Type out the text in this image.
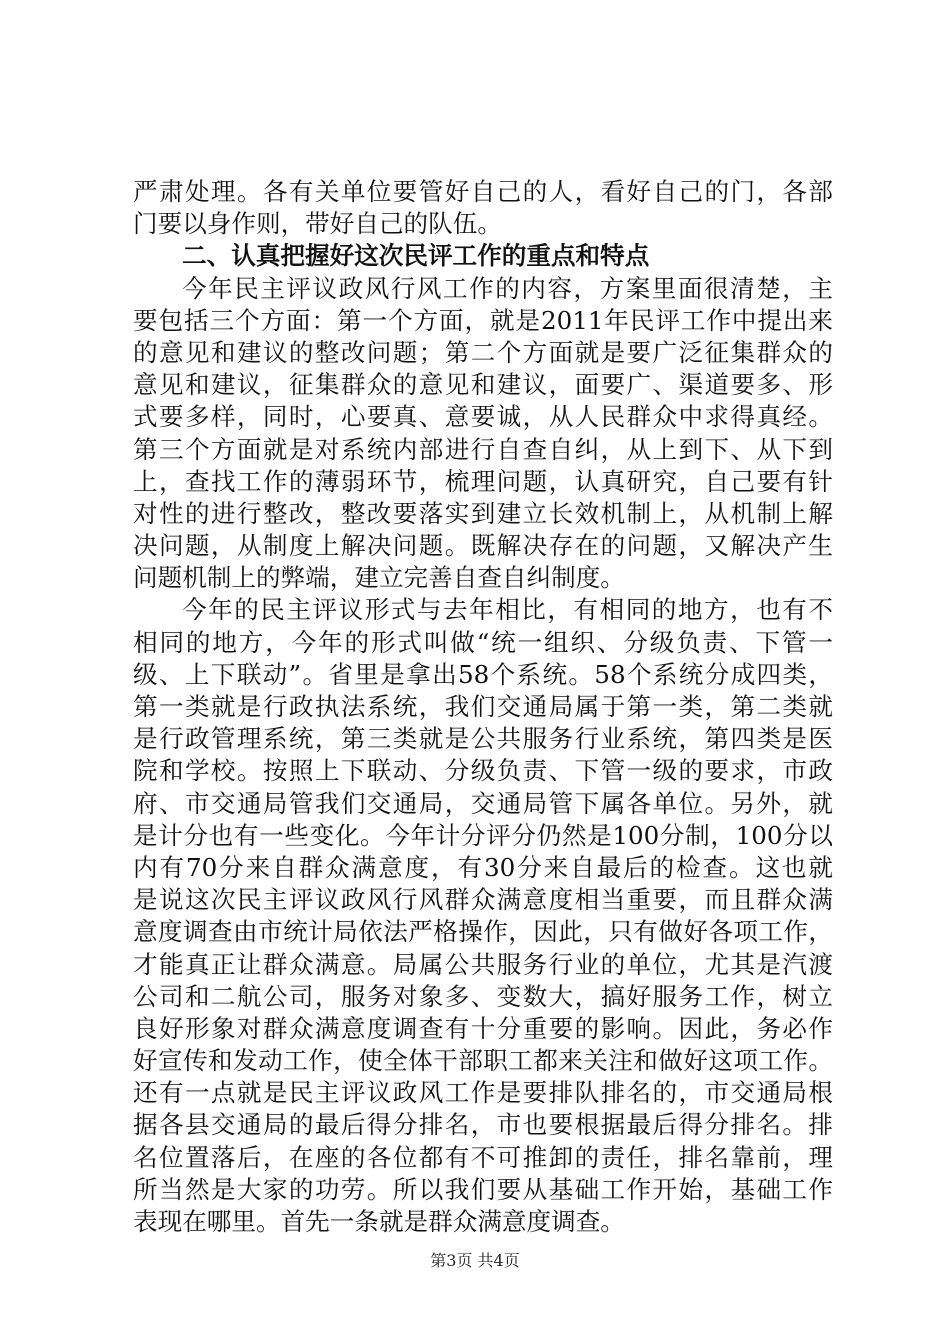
严肃处理。各有关单位要管好自己的人，看好自己的门，各部
门要以身作则，带好自己的队伍。
二、认真把握好这次民评工作的重点和特点
今年民主评议政风行风工作的内容，方案里面很清楚，主
要包括三个方面：第一个方面，就是2011年民评工作中提出来
的意见和建议的整改问题；第二个方面就是要广泛征集群众的
意见和建议，征集群众的意见和建议，面要广、渠道要多、形
式要多样，同时，心要真、意要诚，从人民群众中求得真经。
第三个方面就是对系统内部进行自查自纠，从上到下、从下到
上，查找工作的薄弱环节，梳理问题，认真研究，自己要有针
对性的进行整改，整改要落实到建立长效机制上，从机制上解
决问题，从制度上解决问题。既解决存在的问题，又解决产生
问题机制上的弊端，建立完善自查自纠制度。
今年的民主评议形式与去年相比，有相同的地方，也有不
相同的地方，今年的形式叫做“统一组织、分级负责、下管一
级、上下联动”。省里是拿出58个系统。58个系统分成四类，
第一类就是行政执法系统，我们交通局属于第一类，第二类就
是行政管理系统，第三类就是公共服务行业系统，第四类是医
院和学校。按照上下联动、分级负责、下管一级的要求，市政
府、市交通局管我们交通局，交通局管下属各单位。另外，就
是计分也有一些变化。今年计分评分仍然是100分制，100分以
内有70分来自群众满意度，有30分来自最后的检查。这也就
是说这次民主评议政风行风群众满意度相当重要，而且群众满
意度调查由市统计局依法严格操作，因此，只有做好各项工作，
才能真正让群众满意。局属公共服务行业的单位，尤其是汽渡
公司和二航公司，服务对象多、变数大，搞好服务工作，树立
良好形象对群众满意度调查有十分重要的影响。因此，务必作
好宣传和发动工作，使全体干部职工都来关注和做好这项工作。
还有一点就是民主评议政风工作是要排队排名的，市交通局根
据各县交通局的最后得分排名，市也要根据最后得分排名。排
名位置落后，在座的各位都有不可推卸的责任，排名靠前，理
所当然是大家的功劳。所以我们要从基础工作开始，基础工作
表现在哪里。首先一条就是群众满意度调查。
第3页 共4页
